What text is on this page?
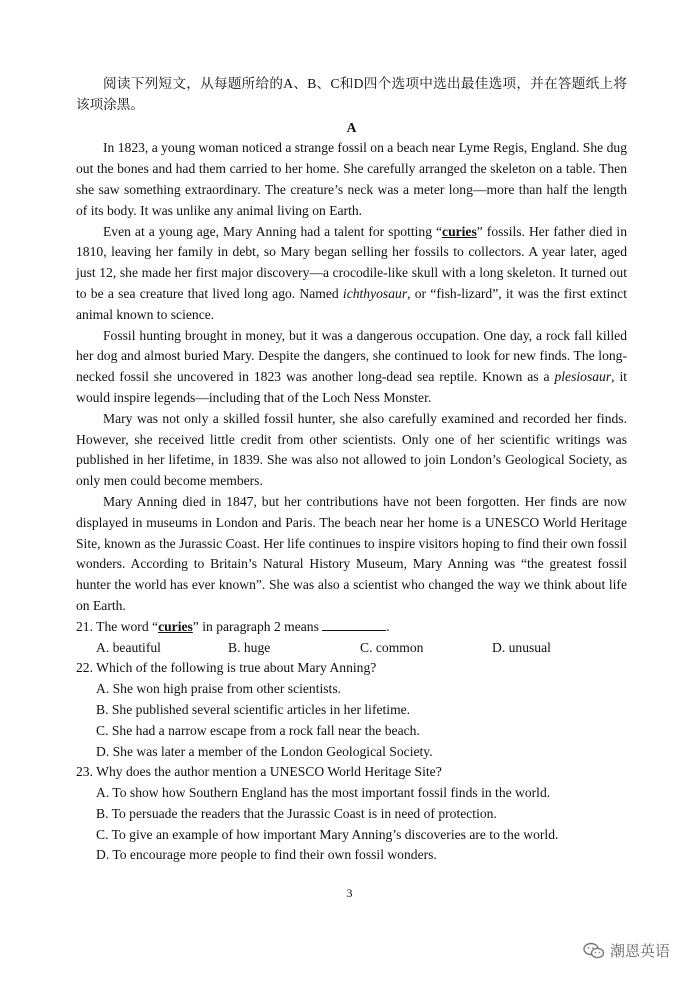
阅读下列短文，从每题所给的A、B、C和D四个选项中选出最佳选项，并在答题纸上将该项涂黑。

A

In 1823, a young woman noticed a strange fossil on a beach near Lyme Regis, England. She dug out the bones and had them carried to her home. She carefully arranged the skeleton on a table. Then she saw something extraordinary. The creature’s neck was a meter long—more than half the length of its body. It was unlike any animal living on Earth.

Even at a young age, Mary Anning had a talent for spotting “curies” fossils. Her father died in 1810, leaving her family in debt, so Mary began selling her fossils to collectors. A year later, aged just 12, she made her first major discovery—a crocodile-like skull with a long skeleton. It turned out to be a sea creature that lived long ago. Named ichthyosaur, or “fish-lizard”, it was the first extinct animal known to science.

Fossil hunting brought in money, but it was a dangerous occupation. One day, a rock fall killed her dog and almost buried Mary. Despite the dangers, she continued to look for new finds. The long-necked fossil she uncovered in 1823 was another long-dead sea reptile. Known as a plesiosaur, it would inspire legends—including that of the Loch Ness Monster.

Mary was not only a skilled fossil hunter, she also carefully examined and recorded her finds. However, she received little credit from other scientists. Only one of her scientific writings was published in her lifetime, in 1839. She was also not allowed to join London’s Geological Society, as only men could become members.

Mary Anning died in 1847, but her contributions have not been forgotten. Her finds are now displayed in museums in London and Paris. The beach near her home is a UNESCO World Heritage Site, known as the Jurassic Coast. Her life continues to inspire visitors hoping to find their own fossil wonders. According to Britain’s Natural History Museum, Mary Anning was “the greatest fossil hunter the world has ever known”. She was also a scientist who changed the way we think about life on Earth.

21. The word “curies” in paragraph 2 means	.

A. beautiful	B. huge	C. common	D. unusual

22. Which of the following is true about Mary Anning?

A. She won high praise from other scientists.

B. She published several scientific articles in her lifetime.

C. She had a narrow escape from a rock fall near the beach.

D. She was later a member of the London Geological Society.

23. Why does the author mention a UNESCO World Heritage Site?

A. To show how Southern England has the most important fossil finds in the world.

B. To persuade the readers that the Jurassic Coast is in need of protection.

C. To give an example of how important Mary Anning’s discoveries are to the world.

D. To encourage more people to find their own fossil wonders.

3
潮恩英语
